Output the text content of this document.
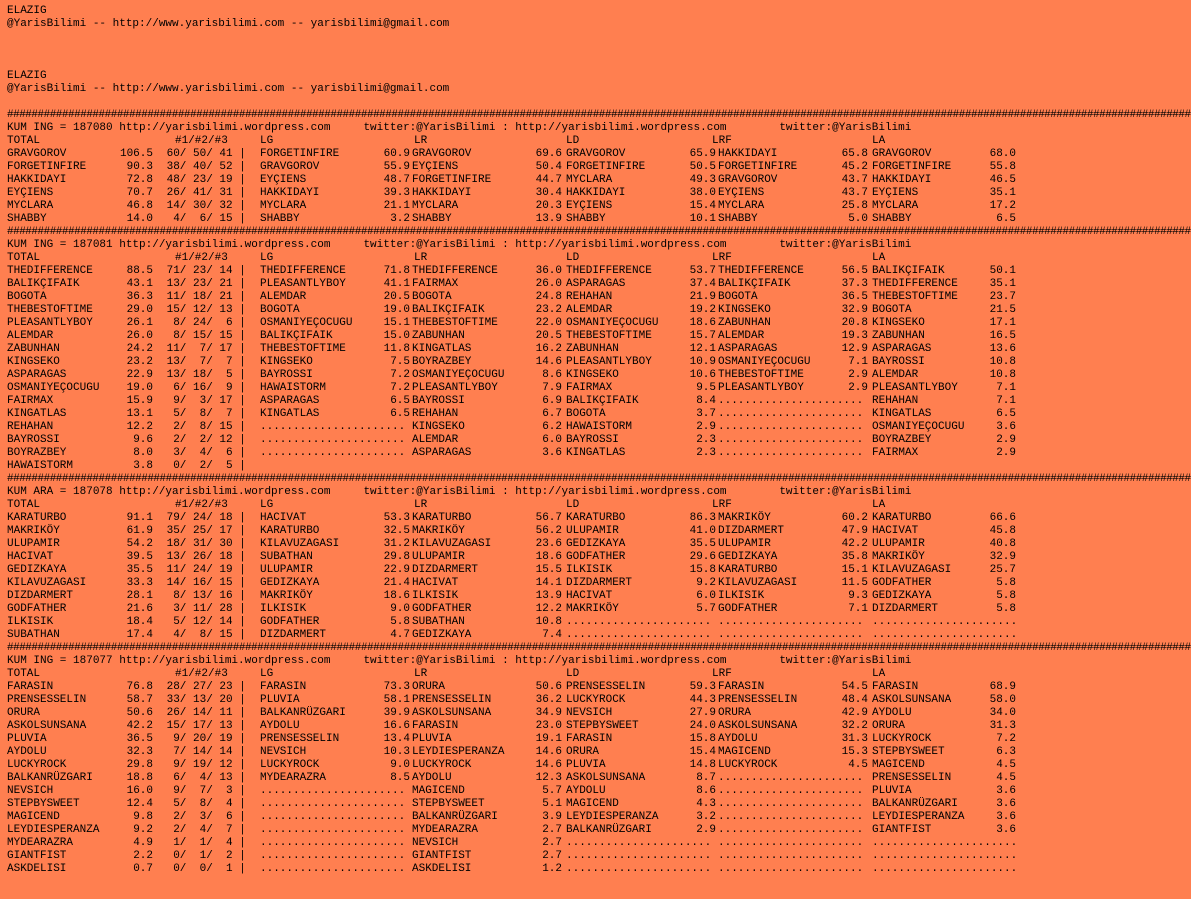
ELAZIG
@YarisBilimi -- http://www.yarisbilimi.com -- yarisbilimi@gmail.com
ELAZIG
@YarisBilimi -- http://www.yarisbilimi.com -- yarisbilimi@gmail.com
##################################################################################################################################################################################################
KUM ING = 187080 http://yarisbilimi.wordpress.com     twitter:@YarisBilimi : http://yarisbilimi.wordpress.com        twitter:@YarisBilimi
TOTAL	#1/#2/#3	LG	LR	LD	LRF	LA
GRAVGOROV	106.5 60/ 50/ 41 |	FORGETINFIRE	60.9 GRAVGOROV	69.6 GRAVGOROV	65.9 HAKKIDAYI	65.8 GRAVGOROV	68.0
FORGETINFIRE	90.3 38/ 40/ 52 |	GRAVGOROV	55.9 EYÇIENS	50.4 FORGETINFIRE	50.5 FORGETINFIRE	45.2 FORGETINFIRE	55.8
HAKKIDAYI	72.8 48/ 23/ 19 |	EYÇIENS	48.7 FORGETINFIRE	44.7 MYCLARA	49.3 GRAVGOROV	43.7 HAKKIDAYI	46.5
EYÇIENS	70.7 26/ 41/ 31 |	HAKKIDAYI	39.3 HAKKIDAYI	30.4 HAKKIDAYI	38.0 EYÇIENS	43.7 EYÇIENS	35.1
MYCLARA	46.8 14/ 30/ 32 |	MYCLARA	21.1 MYCLARA	20.3 EYÇIENS	15.4 MYCLARA	25.8 MYCLARA	17.2
SHABBY	14.0 4/  6/ 15 |	SHABBY	3.2 SHABBY	13.9 SHABBY	10.1 SHABBY	5.0 SHABBY	6.5
##################################################################################################################################################################################################
KUM ING = 187081 http://yarisbilimi.wordpress.com     twitter:@YarisBilimi : http://yarisbilimi.wordpress.com        twitter:@YarisBilimi
TOTAL	#1/#2/#3	LG	LR	LD	LRF	LA
THEDIFFERENCE	88.5 71/ 23/ 14 |	THEDIFFERENCE	71.8 THEDIFFERENCE	36.0 THEDIFFERENCE	53.7 THEDIFFERENCE	56.5 BALIKÇIFAIK	50.1
BALIKÇIFAIK	43.1 13/ 23/ 21 |	PLEASANTLYBOY	41.1 FAIRMAX	26.0 ASPARAGAS	37.4 BALIKÇIFAIK	37.3 THEDIFFERENCE	35.1
BOGOTA	36.3 11/ 18/ 21 |	ALEMDAR	20.5 BOGOTA	24.8 REHAHAN	21.9 BOGOTA	36.5 THEBESTOFTIME	23.7
THEBESTOFTIME	29.0 15/ 12/ 13 |	BOGOTA	19.0 BALIKÇIFAIK	23.2 ALEMDAR	19.2 KINGSEKO	32.9 BOGOTA	21.5
PLEASANTLYBOY	26.1 8/ 24/  6 |	OSMANIYEÇOCUGU	15.1 THEBESTOFTIME	22.0 OSMANIYEÇOCUGU	18.6 ZABUNHAN	20.8 KINGSEKO	17.1
ALEMDAR	26.0 8/ 15/ 15 |	BALIKÇIFAIK	15.0 ZABUNHAN	20.5 THEBESTOFTIME	15.7 ALEMDAR	19.3 ZABUNHAN	16.5
ZABUNHAN	24.2 11/  7/ 17 |	THEBESTOFTIME	11.8 KINGATLAS	16.2 ZABUNHAN	12.1 ASPARAGAS	12.9 ASPARAGAS	13.6
KINGSEKO	23.2 13/  7/  7 |	KINGSEKO	7.5 BOYRAZBEY	14.6 PLEASANTLYBOY	10.9 OSMANIYEÇOCUGU	7.1 BAYROSSI	10.8
ASPARAGAS	22.9 13/ 18/  5 |	BAYROSSI	7.2 OSMANIYEÇOCUGU	8.6 KINGSEKO	10.6 THEBESTOFTIME	2.9 ALEMDAR	10.8
OSMANIYEÇOCUGU	19.0 6/ 16/  9 |	HAWAISTORM	7.2 PLEASANTLYBOY	7.9 FAIRMAX	9.5 PLEASANTLYBOY	2.9 PLEASANTLYBOY	7.1
FAIRMAX	15.9 9/  3/ 17 |	ASPARAGAS	6.5 BAYROSSI	6.9 BALIKÇIFAIK	8.4 ...................... REHAHAN	7.1
KINGATLAS	13.1 5/  8/  7 |	KINGATLAS	6.5 REHAHAN	6.7 BOGOTA	3.7 ...................... KINGATLAS	6.5
REHAHAN	12.2 2/  8/ 15 |	...................... KINGSEKO	6.2 HAWAISTORM	2.9 ...................... OSMANIYEÇOCUGU	3.6
BAYROSSI	9.6 2/  2/ 12 |	...................... ALEMDAR	6.0 BAYROSSI	2.3 ...................... BOYRAZBEY	2.9
BOYRAZBEY	8.0 3/  4/  6 |	...................... ASPARAGAS	3.6 KINGATLAS	2.3 ...................... FAIRMAX	2.9
HAWAISTORM	3.8 0/  2/  5 |
##################################################################################################################################################################################################
KUM ARA = 187078 http://yarisbilimi.wordpress.com     twitter:@YarisBilimi : http://yarisbilimi.wordpress.com        twitter:@YarisBilimi
TOTAL	#1/#2/#3	LG	LR	LD	LRF	LA
KARATURBO	91.1 79/ 24/ 18 |	HACIVAT	53.3 KARATURBO	56.7 KARATURBO	86.3 MAKRIKÖY	60.2 KARATURBO	66.6
MAKRIKÖY	61.9 35/ 25/ 17 |	KARATURBO	32.5 MAKRIKÖY	56.2 ULUPAMIR	41.0 DIZDARMERT	47.9 HACIVAT	45.8
ULUPAMIR	54.2 18/ 31/ 30 |	KILAVUZAGASI	31.2 KILAVUZAGASI	23.6 GEDIZKAYA	35.5 ULUPAMIR	42.2 ULUPAMIR	40.8
HACIVAT	39.5 13/ 26/ 18 |	SUBATHAN	29.8 ULUPAMIR	18.6 GODFATHER	29.6 GEDIZKAYA	35.8 MAKRIKÖY	32.9
GEDIZKAYA	35.5 11/ 24/ 19 |	ULUPAMIR	22.9 DIZDARMERT	15.5 ILKISIK	15.8 KARATURBO	15.1 KILAVUZAGASI	25.7
KILAVUZAGASI	33.3 14/ 16/ 15 |	GEDIZKAYA	21.4 HACIVAT	14.1 DIZDARMERT	9.2 KILAVUZAGASI	11.5 GODFATHER	5.8
DIZDARMERT	28.1 8/ 13/ 16 |	MAKRIKÖY	18.6 ILKISIK	13.9 HACIVAT	6.0 ILKISIK	9.3 GEDIZKAYA	5.8
GODFATHER	21.6 3/ 11/ 28 |	ILKISIK	9.0 GODFATHER	12.2 MAKRIKÖY	5.7 GODFATHER	7.1 DIZDARMERT	5.8
ILKISIK	18.4 5/ 12/ 14 |	GODFATHER	5.8 SUBATHAN	10.8 ...................... ...................... ......................
SUBATHAN	17.4 4/  8/ 15 |	DIZDARMERT	4.7 GEDIZKAYA	7.4 ...................... ...................... ......................
##################################################################################################################################################################################################
KUM ING = 187077 http://yarisbilimi.wordpress.com     twitter:@YarisBilimi : http://yarisbilimi.wordpress.com        twitter:@YarisBilimi
TOTAL	#1/#2/#3	LG	LR	LD	LRF	LA
FARASIN	76.8 28/ 27/ 23 |	FARASIN	73.3 ORURA	50.6 PRENSESSELIN	59.3 FARASIN	54.5 FARASIN	68.9
PRENSESSELIN	58.7 33/ 13/ 20 |	PLUVIA	58.1 PRENSESSELIN	36.2 LUCKYROCK	44.3 PRENSESSELIN	48.4 ASKOLSUNSANA	58.0
ORURA	50.6 26/ 14/ 11 |	BALKANRÜZGARI	39.9 ASKOLSUNSANA	34.9 NEVSICH	27.9 ORURA	42.9 AYDOLU	34.0
ASKOLSUNSANA	42.2 15/ 17/ 13 |	AYDOLU	16.6 FARASIN	23.0 STEPBYSWEET	24.0 ASKOLSUNSANA	32.2 ORURA	31.3
PLUVIA	36.5 9/ 20/ 19 |	PRENSESSELIN	13.4 PLUVIA	19.1 FARASIN	15.8 AYDOLU	31.3 LUCKYROCK	7.2
AYDOLU	32.3 7/ 14/ 14 |	NEVSICH	10.3 LEYDIESPERANZA	14.6 ORURA	15.4 MAGICEND	15.3 STEPBYSWEET	6.3
LUCKYROCK	29.8 9/ 19/ 12 |	LUCKYROCK	9.0 LUCKYROCK	14.6 PLUVIA	14.8 LUCKYROCK	4.5 MAGICEND	4.5
BALKANRÜZGARI	18.8 6/  4/ 13 |	MYDEARAZRA	8.5 AYDOLU	12.3 ASKOLSUNSANA	8.7 ...................... PRENSESSELIN	4.5
NEVSICH	16.0 9/  7/  3 |	...................... MAGICEND	5.7 AYDOLU	8.6 ...................... PLUVIA	3.6
STEPBYSWEET	12.4 5/  8/  4 |	...................... STEPBYSWEET	5.1 MAGICEND	4.3 ...................... BALKANRÜZGARI	3.6
MAGICEND	9.8 2/  3/  6 |	...................... BALKANRÜZGARI	3.9 LEYDIESPERANZA	3.2 ...................... LEYDIESPERANZA	3.6
LEYDIESPERANZA	9.2 2/  4/  7 |	...................... MYDEARAZRA	2.7 BALKANRÜZGARI	2.9 ...................... GIANTFIST	3.6
MYDEARAZRA	4.9 1/  1/  4 |	...................... NEVSICH	2.7 ...................... ...................... ......................
GIANTFIST	2.2 0/  1/  2 |	...................... GIANTFIST	2.7 ...................... ...................... ......................
ASKDELISI	0.7 0/  0/  1 |	...................... ASKDELISI	1.2 ...................... ...................... ......................
